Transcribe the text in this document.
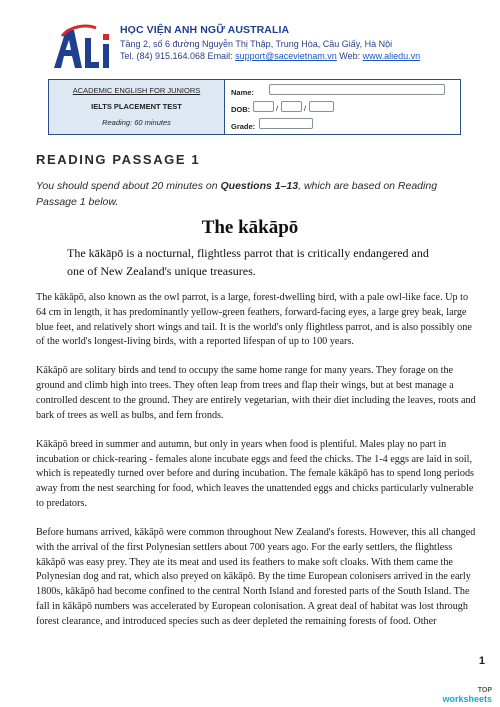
HỌC VIỆN ANH NGỮ AUSTRALIA
Tầng 2, số 6 đường Nguyễn Thị Thập, Trung Hòa, Cầu Giấy, Hà Nội
Tel. (84) 915.164.068 Email: support@sacevietnam.vn Web: www.aliedu.vn
ACADEMIC ENGLISH FOR JUNIORS
IELTS PLACEMENT TEST
Reading: 60 minutes
Name:
DOB:	/	/
Grade:
READING PASSAGE 1
You should spend about 20 minutes on Questions 1–13, which are based on Reading Passage 1 below.
The kākāpō
The kākāpō is a nocturnal, flightless parrot that is critically endangered and one of New Zealand's unique treasures.

The kākāpō, also known as the owl parrot, is a large, forest-dwelling bird, with a pale owl-like face. Up to 64 cm in length, it has predominantly yellow-green feathers, forward-facing eyes, a large grey beak, large blue feet, and relatively short wings and tail. It is the world's only flightless parrot, and is also possibly one of the world's longest-living birds, with a reported lifespan of up to 100 years.

Kākāpō are solitary birds and tend to occupy the same home range for many years. They forage on the ground and climb high into trees. They often leap from trees and flap their wings, but at best manage a controlled descent to the ground. They are entirely vegetarian, with their diet including the leaves, roots and bark of trees as well as bulbs, and fern fronds.

Kākāpō breed in summer and autumn, but only in years when food is plentiful. Males play no part in incubation or chick-rearing - females alone incubate eggs and feed the chicks. The 1-4 eggs are laid in soil, which is repeatedly turned over before and during incubation. The female kākāpō has to spend long periods away from the nest searching for food, which leaves the unattended eggs and chicks particularly vulnerable to predators.

Before humans arrived, kākāpō were common throughout New Zealand's forests. However, this all changed with the arrival of the first Polynesian settlers about 700 years ago. For the early settlers, the flightless kākāpō was easy prey. They ate its meat and used its feathers to make soft cloaks. With them came the Polynesian dog and rat, which also preyed on kākāpō. By the time European colonisers arrived in the early 1800s, kākāpō had become confined to the central North Island and forested parts of the South Island. The fall in kākāpō numbers was accelerated by European colonisation. A great deal of habitat was lost through forest clearance, and introduced species such as deer depleted the remaining forests of food. Other

1
TOP
worksheets
